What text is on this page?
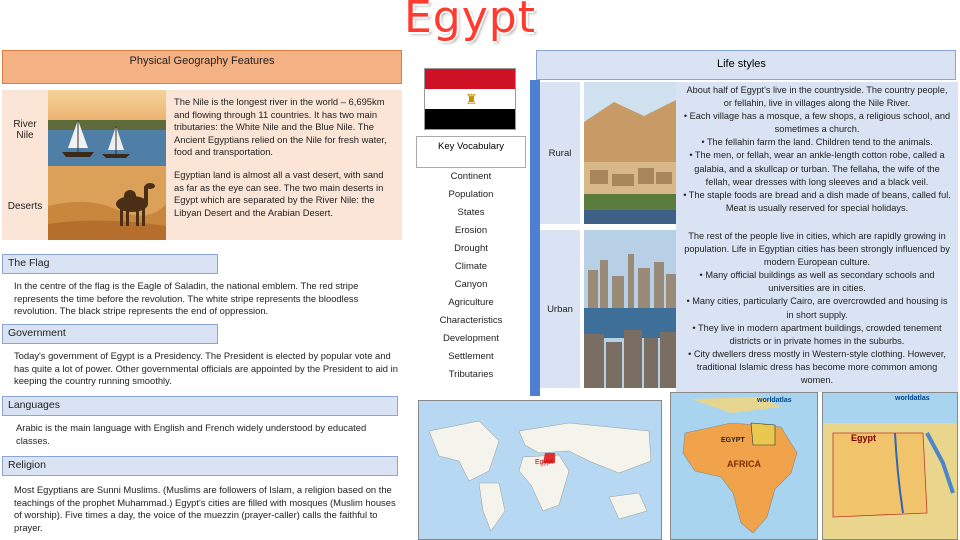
Egypt
Physical Geography Features
River
Nile
Deserts
The Nile is the longest river in the world – 6,695km and flowing through 11 countries. It has two main tributaries: the White Nile and the Blue Nile. The Ancient Egyptians relied on the Nile for fresh water, food and transportation.
Egyptian land is almost all a vast desert, with sand as far as the eye can see. The two main deserts in Egypt which are separated by the River Nile: the Libyan Desert and the Arabian Desert.
The Flag
In the centre of the flag is the Eagle of Saladin, the national emblem. The red stripe represents the time before the revolution. The white stripe represents the bloodless revolution. The black stripe represents the end of oppression.
Government
Today's government of Egypt is a Presidency. The President is elected by popular vote and has quite a lot of power. Other governmental officials are appointed by the President to aid in keeping the country running smoothly.
Languages
Arabic is the main language with English and French widely understood by educated classes.
Religion
Most Egyptians are Sunni Muslims. (Muslims are followers of Islam, a religion based on the teachings of the prophet Muhammad.) Egypt's cities are filled with mosques (Muslim houses of worship). Five times a day, the voice of the muezzin (prayer-caller) calls the faithful to prayer.
♜
Key Vocabulary
Continent
Population
States
Erosion
Drought
Climate
Canyon
Agriculture
Characteristics
Development
Settlement
Tributaries
Life styles
Rural
Urban
About half of Egypt's live in the countryside. The country people, or fellahin, live in villages along the Nile River.
• Each village has a mosque, a few shops, a religious school, and sometimes a church.
• The fellahin farm the land. Children tend to the animals.
• The men, or fellah, wear an ankle-length cotton robe, called a galabia, and a skullcap or turban. The fellaha, the wife of the fellah, wear dresses with long sleeves and a black veil.
• The staple foods are bread and a dish made of beans, called ful. Meat is usually reserved for special holidays.
The rest of the people live in cities, which are rapidly growing in population. Life in Egyptian cities has been strongly influenced by modern European culture.
• Many official buildings as well as secondary schools and universities are in cities.
• Many cities, particularly Cairo, are overcrowded and housing is in short supply.
• They live in modern apartment buildings, crowded tenement districts or in private homes in the suburbs.
• City dwellers dress mostly in Western-style clothing. However, traditional Islamic dress has become more common among women.
Egypt
worldatlas
EGYPT
AFRICA
worldatlas
Egypt
